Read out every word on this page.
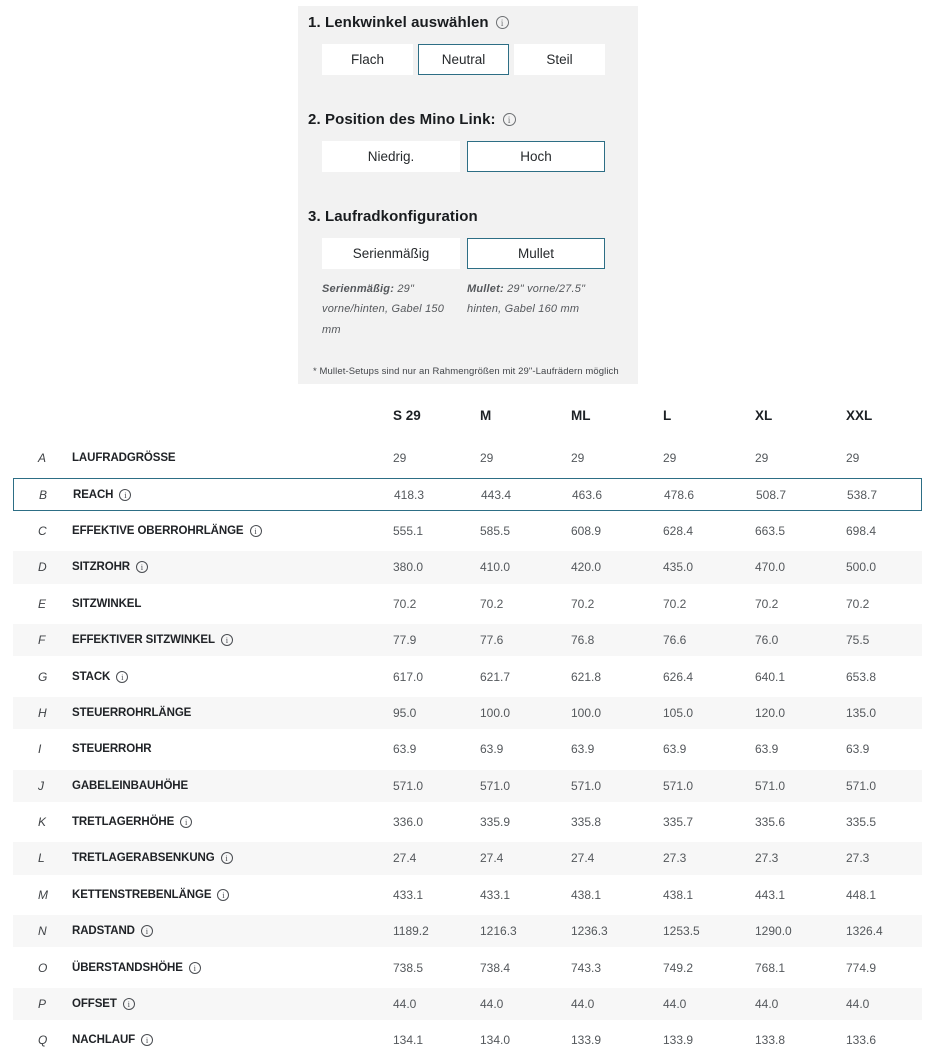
1. Lenkwinkel auswählen	i
Flach	Neutral	Steil
2. Position des Mino Link:	i
Niedrig.	Hoch
3. Laufradkonfiguration
Serienmäßig	Mullet
Serienmäßig: 29" vorne/hinten, Gabel 150 mm
Mullet: 29" vorne/27.5" hinten, Gabel 160 mm
* Mullet-Setups sind nur an Rahmengrößen mit 29"-Laufrädern möglich
S 29	M	ML	L	XL	XXL
A	LAUFRADGRÖSSE	29	29	29	29	29	29
B	REACH	i	418.3	443.4	463.6	478.6	508.7	538.7
C	EFFEKTIVE OBERROHRLÄNGE	i	555.1	585.5	608.9	628.4	663.5	698.4
D	SITZROHR	i	380.0	410.0	420.0	435.0	470.0	500.0
E	SITZWINKEL	70.2	70.2	70.2	70.2	70.2	70.2
F	EFFEKTIVER SITZWINKEL	i	77.9	77.6	76.8	76.6	76.0	75.5
G	STACK	i	617.0	621.7	621.8	626.4	640.1	653.8
H	STEUERROHRLÄNGE	95.0	100.0	100.0	105.0	120.0	135.0
I	STEUERROHR	63.9	63.9	63.9	63.9	63.9	63.9
J	GABELEINBAUHÖHE	571.0	571.0	571.0	571.0	571.0	571.0
K	TRETLAGERHÖHE	i	336.0	335.9	335.8	335.7	335.6	335.5
L	TRETLAGERABSENKUNG	i	27.4	27.4	27.4	27.3	27.3	27.3
M	KETTENSTREBENLÄNGE	i	433.1	433.1	438.1	438.1	443.1	448.1
N	RADSTAND	i	1189.2	1216.3	1236.3	1253.5	1290.0	1326.4
O	ÜBERSTANDSHÖHE	i	738.5	738.4	743.3	749.2	768.1	774.9
P	OFFSET	i	44.0	44.0	44.0	44.0	44.0	44.0
Q	NACHLAUF	i	134.1	134.0	133.9	133.9	133.8	133.6
